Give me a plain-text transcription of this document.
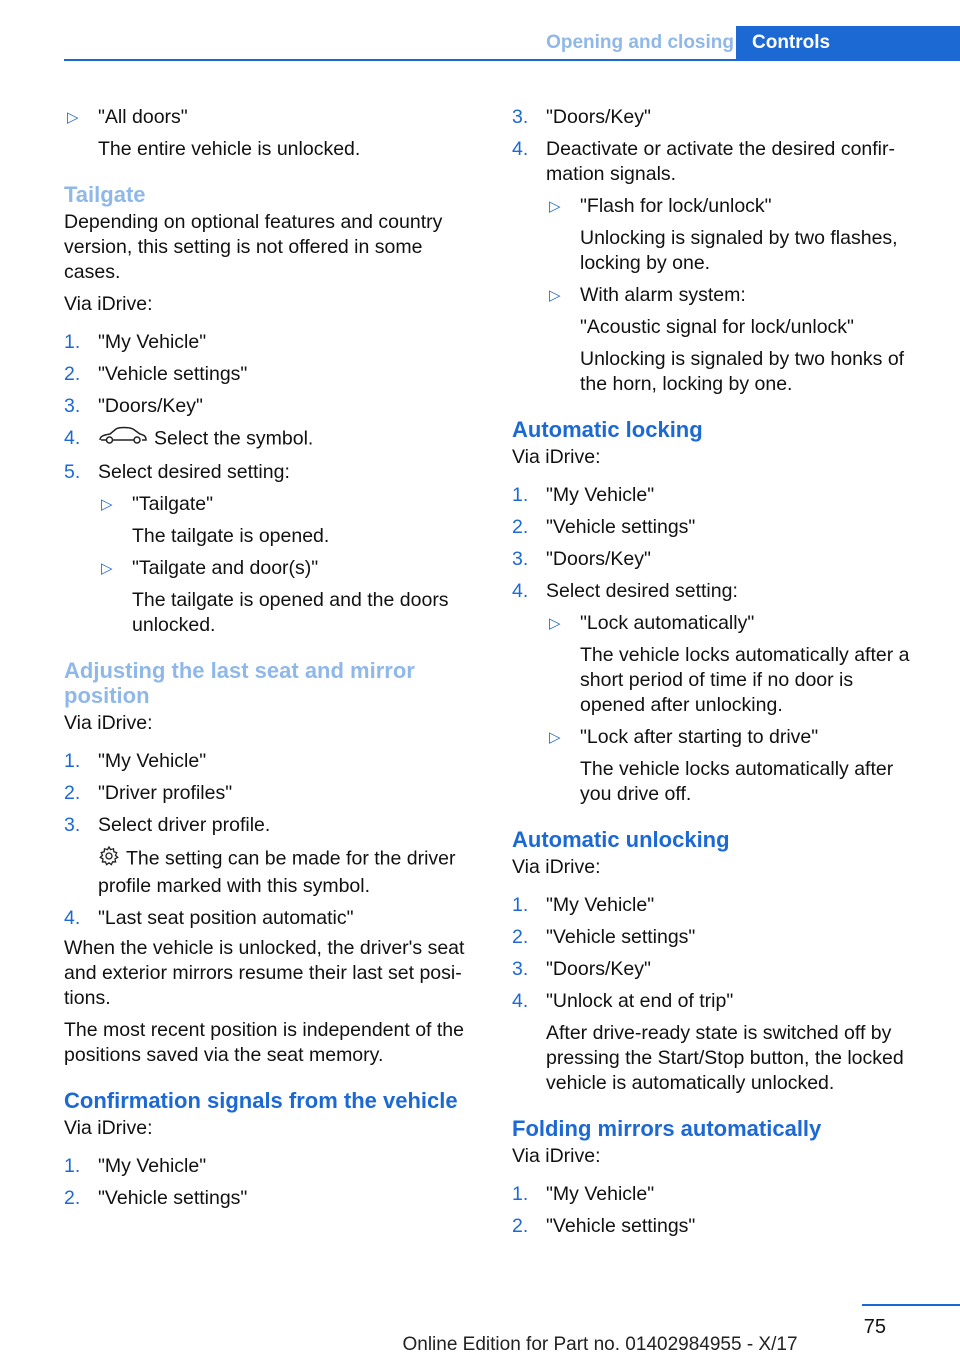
Opening and closing Controls
▷ "All doors"
The entire vehicle is unlocked.
Tailgate

Depending on optional features and country version, this setting is not offered in some cases.

Via iDrive:

1. "My Vehicle"
2. "Vehicle settings"
3. "Doors/Key"
4.	Select the symbol.
5. Select desired setting:
▷ "Tailgate"
The tailgate is opened.
▷ "Tailgate and door(s)"
The tailgate is opened and the doors unlocked.
Adjusting the last seat and mirror position

Via iDrive:

1. "My Vehicle"
2. "Driver profiles"
3. Select driver profile.
The setting can be made for the driver profile marked with this symbol.
4. "Last seat position automatic"

When the vehicle is unlocked, the driver's seat and exterior mirrors resume their last set positions.

The most recent position is independent of the positions saved via the seat memory.

Confirmation signals from the vehicle

Via iDrive:

1. "My Vehicle"
2. "Vehicle settings"
3. "Doors/Key"
4. Deactivate or activate the desired confirmation signals.
▷ "Flash for lock/unlock"
Unlocking is signaled by two flashes, locking by one.
▷ With alarm system:
"Acoustic signal for lock/unlock"
Unlocking is signaled by two honks of the horn, locking by one.
Automatic locking

Via iDrive:

1. "My Vehicle"
2. "Vehicle settings"
3. "Doors/Key"
4. Select desired setting:
▷ "Lock automatically"
The vehicle locks automatically after a short period of time if no door is opened after unlocking.
▷ "Lock after starting to drive"
The vehicle locks automatically after you drive off.
Automatic unlocking

Via iDrive:

1. "My Vehicle"
2. "Vehicle settings"
3. "Doors/Key"
4. "Unlock at end of trip"
After drive-ready state is switched off by pressing the Start/Stop button, the locked vehicle is automatically unlocked.
Folding mirrors automatically

Via iDrive:

1. "My Vehicle"
2. "Vehicle settings"
75
Online Edition for Part no. 01402984955 - X/17
